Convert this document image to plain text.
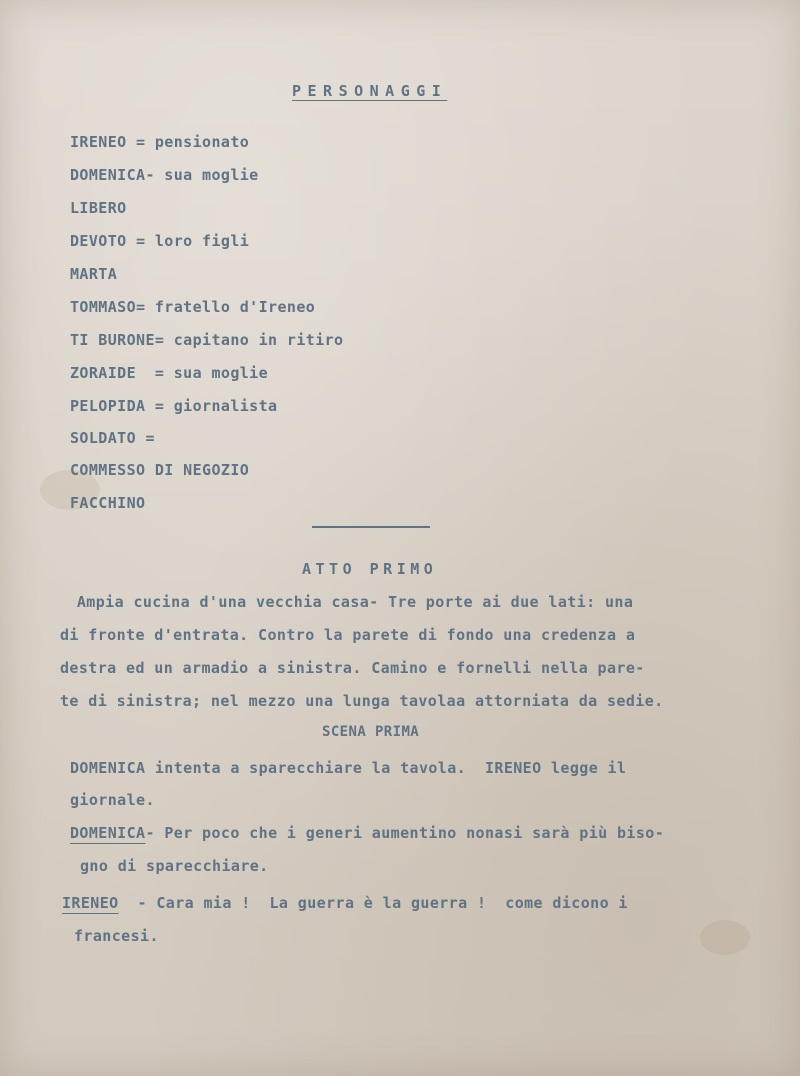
PERSONAGGI
IRENEO = pensionato
DOMENICA- sua moglie
LIBERO
DEVOTO = loro figli
MARTA
TOMMASO= fratello d'Ireneo
TI BURONE= capitano in ritiro
ZORAIDE  = sua moglie
PELOPIDA = giornalista
SOLDATO =
COMMESSO DI NEGOZIO
FACCHINO
ATTO PRIMO
Ampia cucina d'una vecchia casa- Tre porte ai due lati: una
di fronte d'entrata. Contro la parete di fondo una credenza a
destra ed un armadio a sinistra. Camino e fornelli nella pare-
te di sinistra; nel mezzo una lunga tavolaa attorniata da sedie.
SCENA PRIMA
DOMENICA intenta a sparecchiare la tavola.  IRENEO legge il
giornale.
DOMENICA- Per poco che i generi aumentino nonasi sarà più biso-
gno di sparecchiare.
IRENEO  - Cara mia !  La guerra è la guerra !  come dicono i
francesi.
